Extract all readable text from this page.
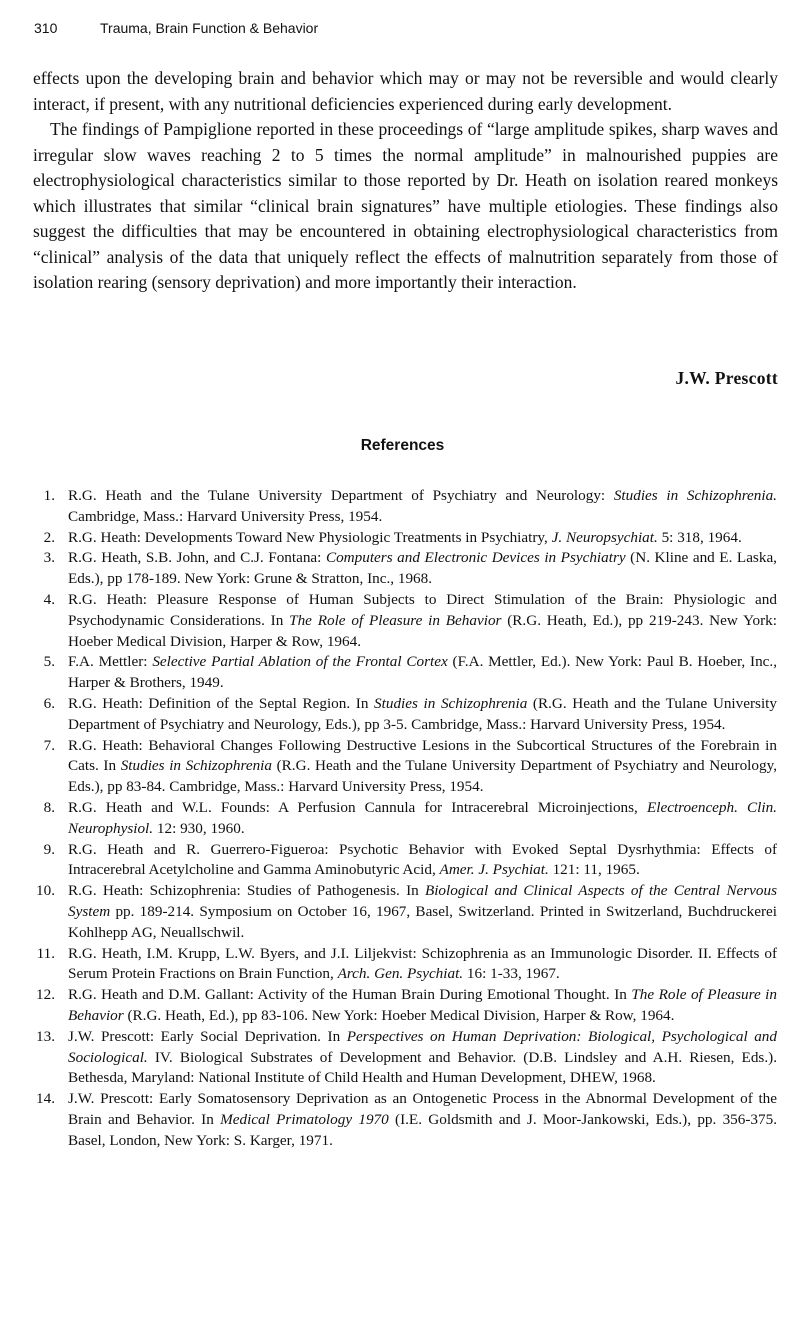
310	Trauma, Brain Function & Behavior

effects upon the developing brain and behavior which may or may not be reversible and would clearly interact, if present, with any nutritional deficiencies experienced during early development.

The findings of Pampiglione reported in these proceedings of “large amplitude spikes, sharp waves and irregular slow waves reaching 2 to 5 times the normal amplitude” in malnourished puppies are electrophysiological characteristics similar to those reported by Dr. Heath on isolation reared monkeys which illustrates that similar “clinical brain signatures” have multiple etiologies. These findings also suggest the difficulties that may be encountered in obtaining electrophysiological characteristics from “clinical” analysis of the data that uniquely reflect the effects of malnutrition separately from those of isolation rearing (sensory deprivation) and more importantly their interaction.

J.W. Prescott
References
1. R.G. Heath and the Tulane University Department of Psychiatry and Neurology: Studies in Schizophrenia. Cambridge, Mass.: Harvard University Press, 1954.
2. R.G. Heath: Developments Toward New Physiologic Treatments in Psychiatry, J. Neuropsychiat. 5: 318, 1964.
3. R.G. Heath, S.B. John, and C.J. Fontana: Computers and Electronic Devices in Psychiatry (N. Kline and E. Laska, Eds.), pp 178-189. New York: Grune & Stratton, Inc., 1968.
4. R.G. Heath: Pleasure Response of Human Subjects to Direct Stimulation of the Brain: Physiologic and Psychodynamic Considerations. In The Role of Pleasure in Behavior (R.G. Heath, Ed.), pp 219-243. New York: Hoeber Medical Division, Harper & Row, 1964.
5. F.A. Mettler: Selective Partial Ablation of the Frontal Cortex (F.A. Mettler, Ed.). New York: Paul B. Hoeber, Inc., Harper & Brothers, 1949.
6. R.G. Heath: Definition of the Septal Region. In Studies in Schizophrenia (R.G. Heath and the Tulane University Department of Psychiatry and Neurology, Eds.), pp 3-5. Cambridge, Mass.: Harvard University Press, 1954.
7. R.G. Heath: Behavioral Changes Following Destructive Lesions in the Subcortical Structures of the Forebrain in Cats. In Studies in Schizophrenia (R.G. Heath and the Tulane University Department of Psychiatry and Neurology, Eds.), pp 83-84. Cambridge, Mass.: Harvard University Press, 1954.
8. R.G. Heath and W.L. Founds: A Perfusion Cannula for Intracerebral Microinjections, Electroenceph. Clin. Neurophysiol. 12: 930, 1960.
9. R.G. Heath and R. Guerrero-Figueroa: Psychotic Behavior with Evoked Septal Dysrhythmia: Effects of Intracerebral Acetylcholine and Gamma Aminobutyric Acid, Amer. J. Psychiat. 121: 11, 1965.
10. R.G. Heath: Schizophrenia: Studies of Pathogenesis. In Biological and Clinical Aspects of the Central Nervous System pp. 189-214. Symposium on October 16, 1967, Basel, Switzerland. Printed in Switzerland, Buchdruckerei Kohlhepp AG, Neuallschwil.
11. R.G. Heath, I.M. Krupp, L.W. Byers, and J.I. Liljekvist: Schizophrenia as an Immunologic Disorder. II. Effects of Serum Protein Fractions on Brain Function, Arch. Gen. Psychiat. 16: 1-33, 1967.
12. R.G. Heath and D.M. Gallant: Activity of the Human Brain During Emotional Thought. In The Role of Pleasure in Behavior (R.G. Heath, Ed.), pp 83-106. New York: Hoeber Medical Division, Harper & Row, 1964.
13. J.W. Prescott: Early Social Deprivation. In Perspectives on Human Deprivation: Biological, Psychological and Sociological. IV. Biological Substrates of Development and Behavior. (D.B. Lindsley and A.H. Riesen, Eds.). Bethesda, Maryland: National Institute of Child Health and Human Development, DHEW, 1968.
14. J.W. Prescott: Early Somatosensory Deprivation as an Ontogenetic Process in the Abnormal Development of the Brain and Behavior. In Medical Primatology 1970 (I.E. Goldsmith and J. Moor-Jankowski, Eds.), pp. 356-375. Basel, London, New York: S. Karger, 1971.
